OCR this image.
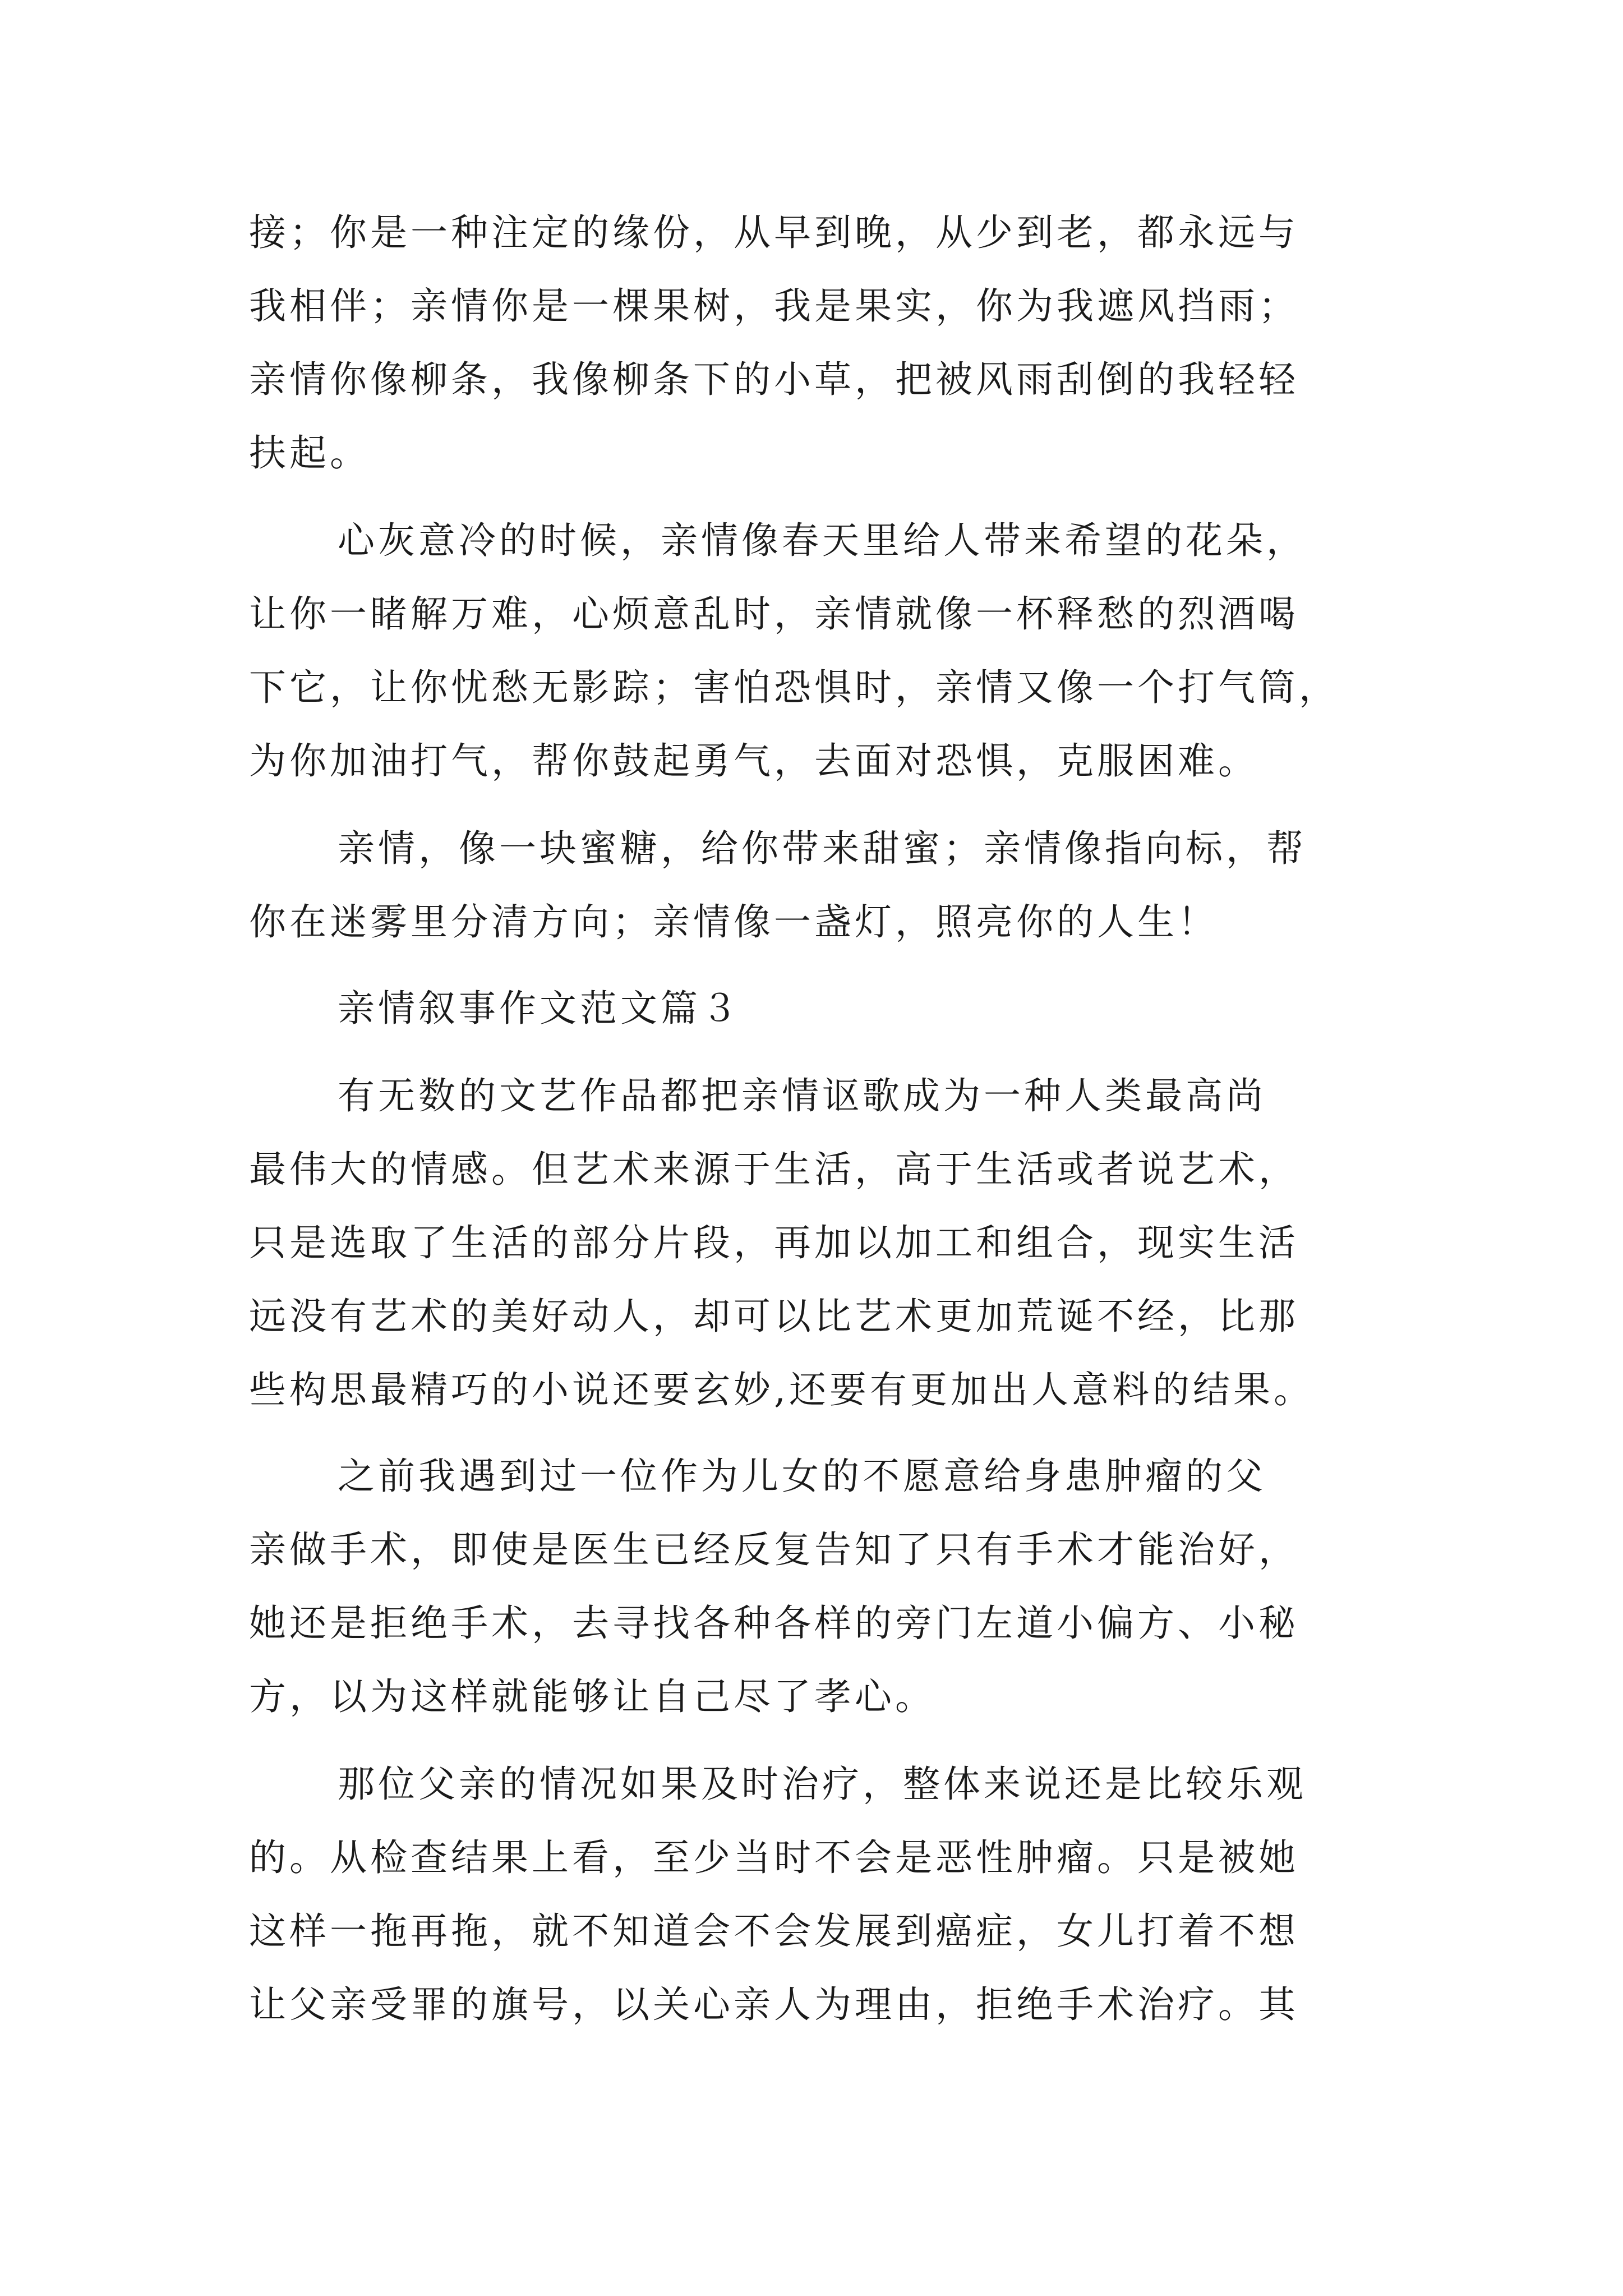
接；你是一种注定的缘份，从早到晚，从少到老，都永远与
我相伴；亲情你是一棵果树，我是果实，你为我遮风挡雨；
亲情你像柳条，我像柳条下的小草，把被风雨刮倒的我轻轻
扶起。
心灰意冷的时候，亲情像春天里给人带来希望的花朵，
让你一睹解万难，心烦意乱时，亲情就像一杯释愁的烈酒喝
下它，让你忧愁无影踪；害怕恐惧时，亲情又像一个打气筒，
为你加油打气，帮你鼓起勇气，去面对恐惧，克服困难。
亲情，像一块蜜糖，给你带来甜蜜；亲情像指向标，帮
你在迷雾里分清方向；亲情像一盏灯，照亮你的人生！
亲情叙事作文范文篇３
有无数的文艺作品都把亲情讴歌成为一种人类最高尚
最伟大的情感。但艺术来源于生活，高于生活或者说艺术，
只是选取了生活的部分片段，再加以加工和组合，现实生活
远没有艺术的美好动人，却可以比艺术更加荒诞不经，比那
些构思最精巧的小说还要玄妙,还要有更加出人意料的结果。
之前我遇到过一位作为儿女的不愿意给身患肿瘤的父
亲做手术，即使是医生已经反复告知了只有手术才能治好，
她还是拒绝手术，去寻找各种各样的旁门左道小偏方、小秘
方，以为这样就能够让自己尽了孝心。
那位父亲的情况如果及时治疗，整体来说还是比较乐观
的。从检查结果上看，至少当时不会是恶性肿瘤。只是被她
这样一拖再拖，就不知道会不会发展到癌症，女儿打着不想
让父亲受罪的旗号，以关心亲人为理由，拒绝手术治疗。其
